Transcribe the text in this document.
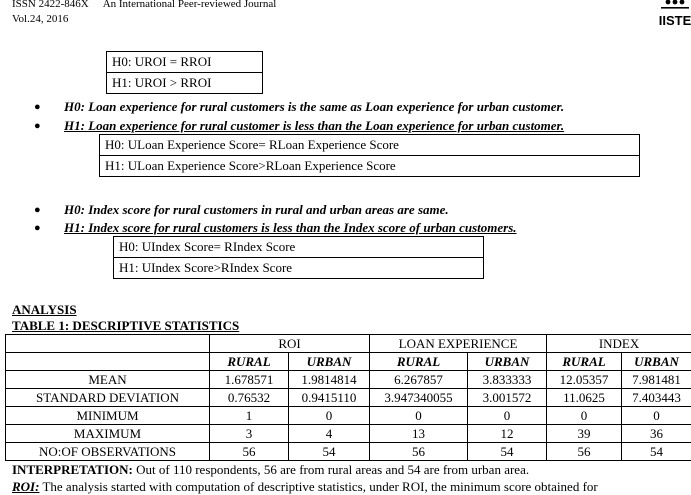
ISSN 2422-846X An International Peer-reviewed Journal
Vol.24, 2016	IISTE
H0: UROI = RROI
H1: UROI > RROI
● H0: Loan experience for rural customers is the same as Loan experience for urban customer.
● H1: Loan experience for rural customer is less than the Loan experience for urban customer.
H0: ULoan Experience Score= RLoan Experience Score
H1: ULoan Experience Score>RLoan Experience Score
● H0: Index score for rural customers in rural and urban areas are same.
● H1: Index score for rural customers is less than the Index score of urban customers.
H0: UIndex Score= RIndex Score
H1: UIndex Score>RIndex Score
ANALYSIS
TABLE 1: DESCRIPTIVE STATISTICS
	ROI		LOAN EXPERIENCE		INDEX	
	RURAL	URBAN	RURAL	URBAN	RURAL	URBAN
MEAN	1.678571	1.9814814	6.267857	3.833333	12.05357	7.981481
STANDARD DEVIATION	0.76532	0.9415110	3.947340055	3.001572	11.0625	7.403443
MINIMUM	1	0	0	0	0	0
MAXIMUM	3	4	13	12	39	36
NO:OF OBSERVATIONS	56	54	56	54	56	54
INTERPRETATION: Out of 110 respondents, 56 are from rural areas and 54 are from urban area.
ROI: The analysis started with computation of descriptive statistics, under ROI, the minimum score obtained for
